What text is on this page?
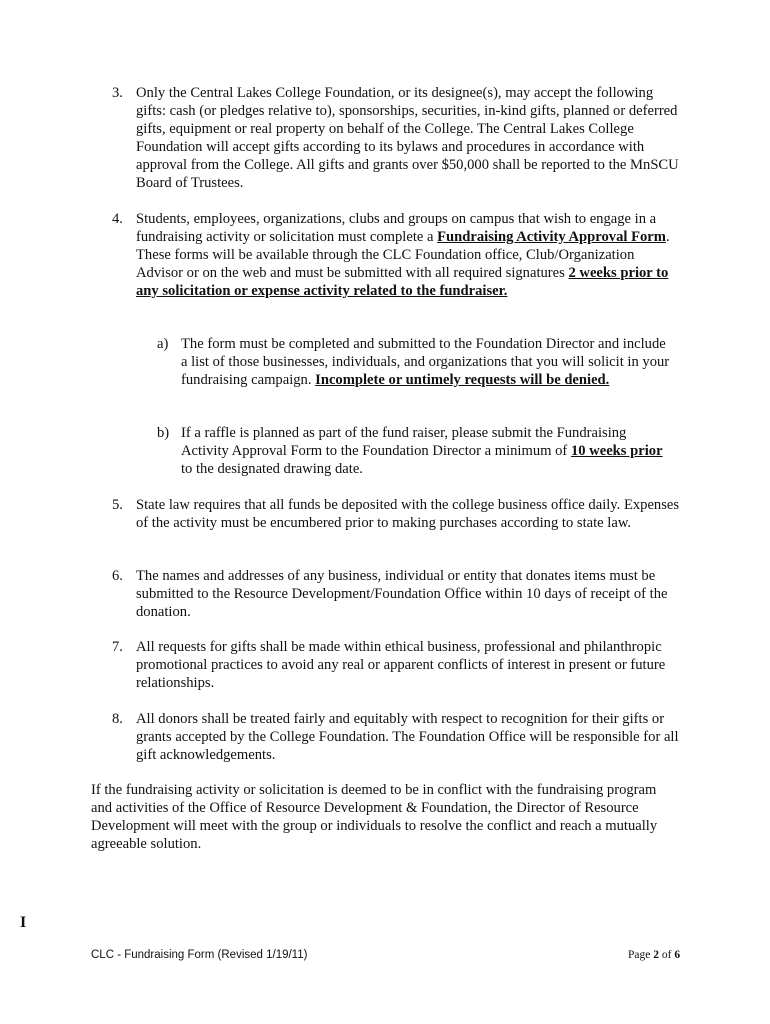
3. Only the Central Lakes College Foundation, or its designee(s), may accept the following gifts: cash (or pledges relative to), sponsorships, securities, in-kind gifts, planned or deferred gifts, equipment or real property on behalf of the College. The Central Lakes College Foundation will accept gifts according to its bylaws and procedures in accordance with approval from the College. All gifts and grants over $50,000 shall be reported to the MnSCU Board of Trustees.
4. Students, employees, organizations, clubs and groups on campus that wish to engage in a fundraising activity or solicitation must complete a Fundraising Activity Approval Form. These forms will be available through the CLC Foundation office, Club/Organization Advisor or on the web and must be submitted with all required signatures 2 weeks prior to any solicitation or expense activity related to the fundraiser.
a) The form must be completed and submitted to the Foundation Director and include a list of those businesses, individuals, and organizations that you will solicit in your fundraising campaign. Incomplete or untimely requests will be denied.
b) If a raffle is planned as part of the fund raiser, please submit the Fundraising Activity Approval Form to the Foundation Director a minimum of 10 weeks prior to the designated drawing date.
5. State law requires that all funds be deposited with the college business office daily. Expenses of the activity must be encumbered prior to making purchases according to state law.
6. The names and addresses of any business, individual or entity that donates items must be submitted to the Resource Development/Foundation Office within 10 days of receipt of the donation.
7. All requests for gifts shall be made within ethical business, professional and philanthropic promotional practices to avoid any real or apparent conflicts of interest in present or future relationships.
8. All donors shall be treated fairly and equitably with respect to recognition for their gifts or grants accepted by the College Foundation. The Foundation Office will be responsible for all gift acknowledgements.
If the fundraising activity or solicitation is deemed to be in conflict with the fundraising program and activities of the Office of Resource Development & Foundation, the Director of Resource Development will meet with the group or individuals to resolve the conflict and reach a mutually agreeable solution.
I
CLC - Fundraising Form (Revised 1/19/11)	Page 2 of 6
